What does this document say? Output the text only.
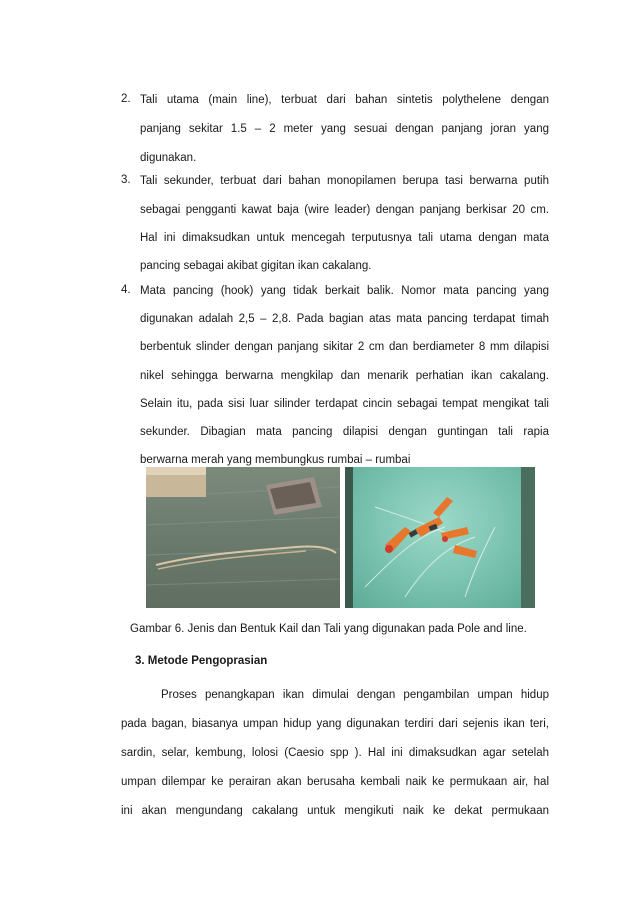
2. Tali utama (main line), terbuat dari bahan sintetis polythelene dengan
panjang sekitar 1.5 – 2 meter yang sesuai dengan panjang joran yang
digunakan.
3. Tali sekunder, terbuat dari bahan monopilamen berupa tasi berwarna putih
sebagai pengganti kawat baja (wire leader) dengan panjang berkisar 20 cm.
Hal ini dimaksudkan untuk mencegah terputusnya tali utama dengan mata
pancing sebagai akibat gigitan ikan cakalang.
4. Mata pancing (hook) yang tidak berkait balik. Nomor mata pancing yang
digunakan adalah 2,5 – 2,8. Pada bagian atas mata pancing terdapat timah
berbentuk slinder dengan panjang sikitar 2 cm dan berdiameter 8 mm dilapisi
nikel sehingga berwarna mengkilap dan menarik perhatian ikan cakalang.
Selain itu, pada sisi luar silinder terdapat cincin sebagai tempat mengikat tali
sekunder. Dibagian mata pancing dilapisi dengan guntingan tali rapia
berwarna merah yang membungkus rumbai – rumbai
Gambar 6. Jenis dan Bentuk Kail dan Tali yang digunakan pada Pole and line.
3. Metode Pengoprasian
Proses penangkapan ikan dimulai dengan pengambilan umpan hidup
pada bagan, biasanya umpan hidup yang digunakan terdiri dari sejenis ikan teri,
sardin, selar, kembung, lolosi (Caesio spp ). Hal ini dimaksudkan agar setelah
umpan dilempar ke perairan akan berusaha kembali naik ke permukaan air, hal
ini akan mengundang cakalang untuk mengikuti naik ke dekat permukaan
